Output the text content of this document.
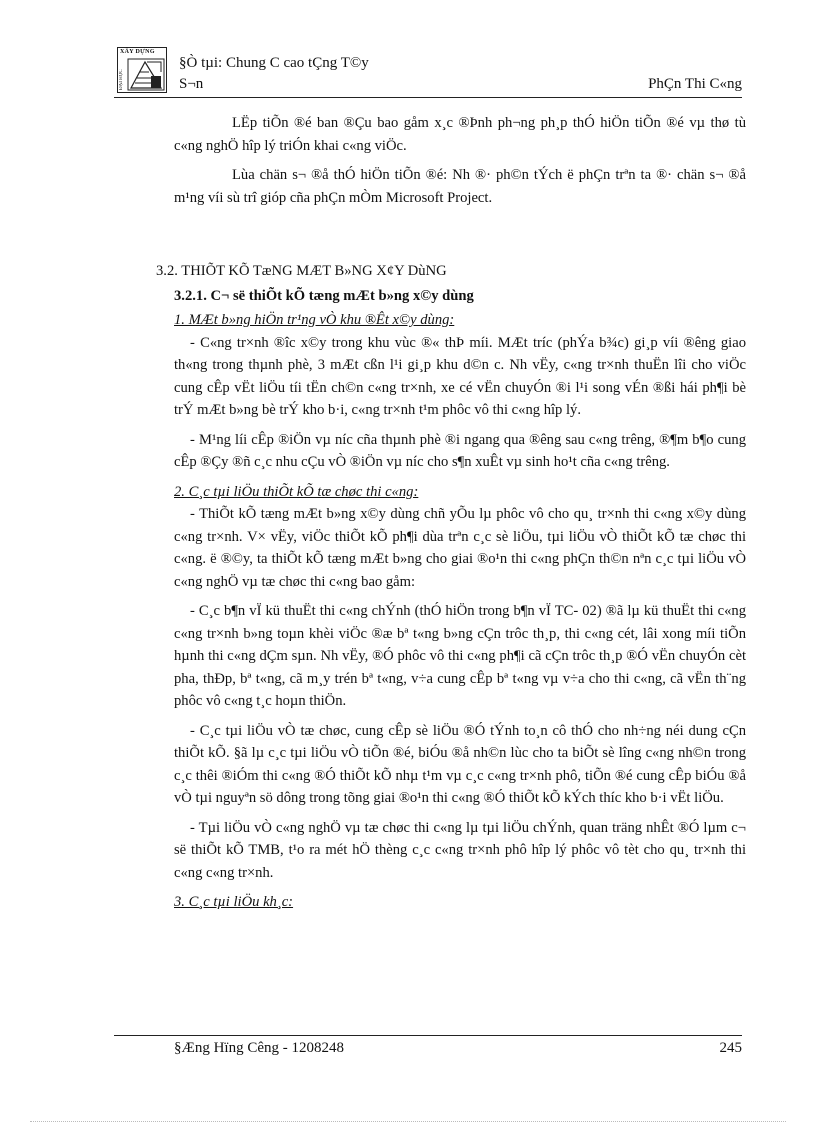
XÂY DỰNG
ĐẠI HỌC
§Ò tµi: Chung C cao tÇng T©y
S¬n	PhÇn Thi C«ng

LËp tiÕn ®é ban ®Çu bao gåm x¸c ®Þnh ph¬ng ph¸p thÓ hiÖn tiÕn ®é vµ thø tù c«ng nghÖ hîp lý triÓn khai c«ng viÖc.

Lùa chän s¬ ®å thÓ hiÖn tiÕn ®é: Nh ®· ph©n tÝch ë phÇn trªn ta ®· chän s¬ ®å m¹ng víi sù trî gióp cña phÇn mÒm Microsoft Project.

3.2. THIÕT KÕ TæNG MÆT B»NG X¢Y DùNG

3.2.1. C¬ së thiÕt kÕ tæng mÆt b»ng x©y dùng

1. MÆt b»ng hiÖn tr¹ng vÒ khu ®Êt x©y dùng:

- C«ng tr×nh ®îc x©y trong khu vùc ®« thÞ míi. MÆt tríc (phÝa b¾c) gi¸p víi ®êng giao th«ng trong thµnh phè, 3 mÆt cßn l¹i gi¸p khu d©n c. Nh vËy, c«ng tr×nh thuËn lîi cho viÖc cung cÊp vËt liÖu tíi tËn ch©n c«ng tr×nh, xe cé vËn chuyÓn ®i l¹i song vÉn ®ßi hái ph¶i bè trÝ mÆt b»ng bè trÝ kho b·i, c«ng tr×nh t¹m phôc vô thi c«ng hîp lý.

- M¹ng líi cÊp ®iÖn vµ níc cña thµnh phè ®i ngang qua ®êng sau c«ng trêng, ®¶m b¶o cung cÊp ®Çy ®ñ c¸c nhu cÇu vÒ ®iÖn vµ níc cho s¶n xuÊt vµ sinh ho¹t cña c«ng trêng.

2. C¸c tµi liÖu thiÕt kÕ tæ chøc thi c«ng:

- ThiÕt kÕ tæng mÆt b»ng x©y dùng chñ yÕu lµ phôc vô cho qu¸ tr×nh thi c«ng x©y dùng c«ng tr×nh. V× vËy, viÖc thiÕt kÕ ph¶i dùa trªn c¸c sè liÖu, tµi liÖu vÒ thiÕt kÕ tæ chøc thi c«ng. ë ®©y, ta thiÕt kÕ tæng mÆt b»ng cho giai ®o¹n thi c«ng phÇn th©n nªn c¸c tµi liÖu vÒ c«ng nghÖ vµ tæ chøc thi c«ng bao gåm:

- C¸c b¶n vÏ kü thuËt thi c«ng chÝnh (thÓ hiÖn trong b¶n vÏ TC- 02) ®ã lµ kü thuËt thi c«ng c«ng tr×nh b»ng toµn khèi viÖc ®æ bª t«ng b»ng cÇn trôc th¸p, thi c«ng cét, lâi xong míi tiÕn hµnh thi c«ng dÇm sµn. Nh vËy, ®Ó phôc vô thi c«ng ph¶i cã cÇn trôc th¸p ®Ó vËn chuyÓn cèt pha, thÐp, bª t«ng, cã m¸y trén bª t«ng, v÷a cung cÊp bª t«ng vµ v÷a cho thi c«ng, cã vËn th¨ng phôc vô c«ng t¸c hoµn thiÖn.

- C¸c tµi liÖu vÒ tæ chøc, cung cÊp sè liÖu ®Ó tÝnh to¸n cô thÓ cho nh÷ng néi dung cÇn thiÕt kÕ. §ã lµ c¸c tµi liÖu vÒ tiÕn ®é, biÓu ®å nh©n lùc cho ta biÕt sè lîng c«ng nh©n trong c¸c thêi ®iÓm thi c«ng ®Ó thiÕt kÕ nhµ t¹m vµ c¸c c«ng tr×nh phô, tiÕn ®é cung cÊp biÓu ®å vÒ tµi nguyªn sö dông trong tõng giai ®o¹n thi c«ng ®Ó thiÕt kÕ kÝch thíc kho b·i vËt liÖu.

- Tµi liÖu vÒ c«ng nghÖ vµ tæ chøc thi c«ng lµ tµi liÖu chÝnh, quan träng nhÊt ®Ó lµm c¬ së thiÕt kÕ TMB, t¹o ra mét hÖ thèng c¸c c«ng tr×nh phô hîp lý phôc vô tèt cho qu¸ tr×nh thi c«ng c«ng tr×nh.

3. C¸c tµi liÖu kh¸c:

§Æng Hïng Cêng - 1208248	245
